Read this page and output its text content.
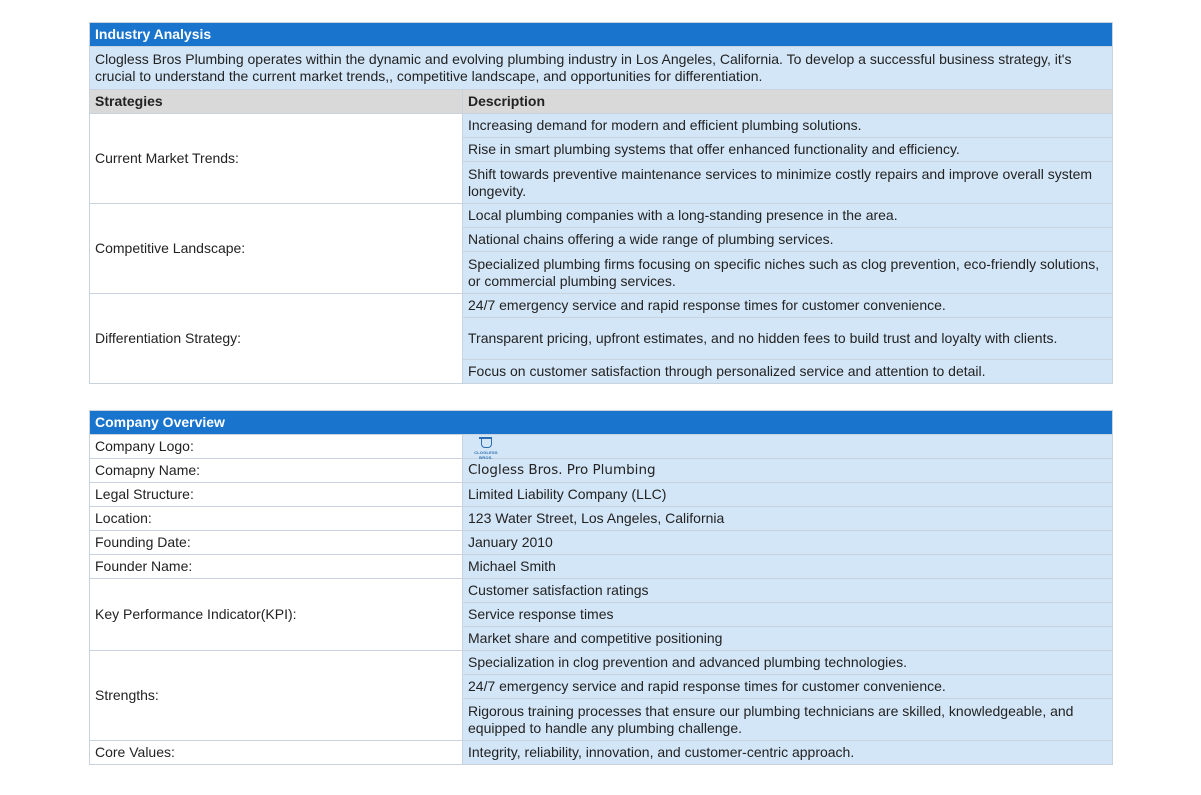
Industry Analysis	
Clogless Bros Plumbing operates within the dynamic and evolving plumbing industry in Los Angeles, California. To develop a successful business strategy, it's crucial to understand the current market trends,, competitive landscape, and opportunities for differentiation.	
Strategies	Description
Current Market Trends:	Increasing demand for modern and efficient plumbing solutions.
	Rise in smart plumbing systems that offer enhanced functionality and efficiency.
	Shift towards preventive maintenance services to minimize costly repairs and improve overall system longevity.
Competitive Landscape:	Local plumbing companies with a long-standing presence in the area.
	National chains offering a wide range of plumbing services.
	Specialized plumbing firms focusing on specific niches such as clog prevention, eco-friendly solutions, or commercial plumbing services.
Differentiation Strategy:	24/7 emergency service and rapid response times for customer convenience.
	Transparent pricing, upfront estimates, and no hidden fees to build trust and loyalty with clients.
	Focus on customer satisfaction through personalized service and attention to detail.
Company Overview	
Company Logo:	CLOGLESS BROS.

Comapny Name:	Clogless Bros. Pro Plumbing
Legal Structure:	Limited Liability Company (LLC)
Location:	123 Water Street, Los Angeles, California
Founding Date:	January 2010
Founder Name:	Michael Smith
Key Performance Indicator(KPI):	Customer satisfaction ratings
	Service response times
	Market share and competitive positioning
Strengths:	Specialization in clog prevention and advanced plumbing technologies.
	24/7 emergency service and rapid response times for customer convenience.
	Rigorous training processes that ensure our plumbing technicians are skilled, knowledgeable, and equipped to handle any plumbing challenge.
Core Values:	Integrity, reliability, innovation, and customer-centric approach.
